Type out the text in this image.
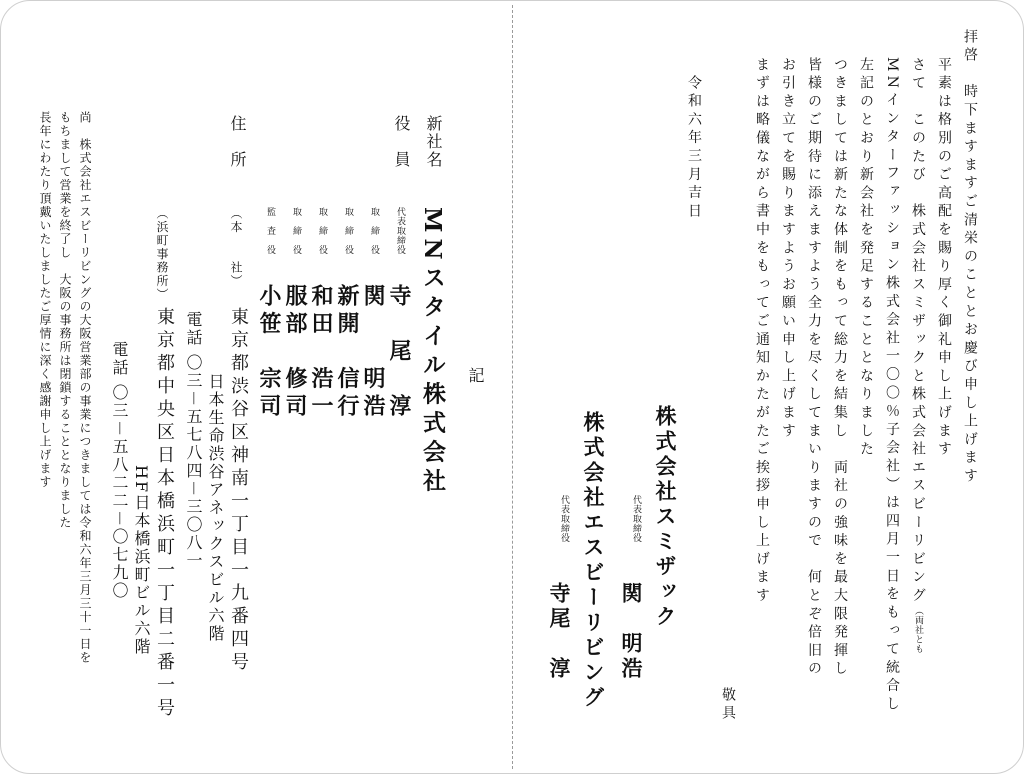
拝啓　時下ますますご清栄のこととお慶び申し上げます
平素は格別のご高配を賜り厚く御礼申し上げます
さて　このたび　株式会社スミザックと株式会社エスビーリビング（両社とも
MNインターファッション株式会社一〇〇％子会社）は四月一日をもって統合し
左記のとおり新会社を発足することとなりました
つきましては新たな体制をもって総力を結集し　両社の強味を最大限発揮し
皆様のご期待に添えますよう全力を尽くしてまいりますので　何とぞ倍旧の
お引き立てを賜りますようお願い申し上げます
まずは略儀ながら書中をもってご通知かたがたご挨拶申し上げます
敬具
令和六年三月吉日
株式会社スミザック
代表取締役
関　明浩
株式会社エスビーリビング
代表取締役
寺尾　淳
記
新社名
MNスタイル株式会社
役　員
代表取締役
寺　尾　淳
取　締　役
関　　明浩
取　締　役
新開　信行
取　締　役
和田　浩一
取　締　役
服部　修司
監　査　役
小笹　宗司
住　所
（本　　社）
東京都渋谷区神南一丁目一九番四号
日本生命渋谷アネックスビル六階
電話 〇三－五七八四－三〇八一
（浜町事務所）
東京都中央区日本橋浜町一丁目二番一号
HF日本橋浜町ビル六階
電話 〇三－五八二二－〇七九〇
尚　株式会社エスビーリビングの大阪営業部の事業につきましては令和六年三月三十一日を
もちまして営業を終了し　大阪の事務所は閉鎖することとなりました
長年にわたり頂戴いたしましたご厚情に深く感謝申し上げます
